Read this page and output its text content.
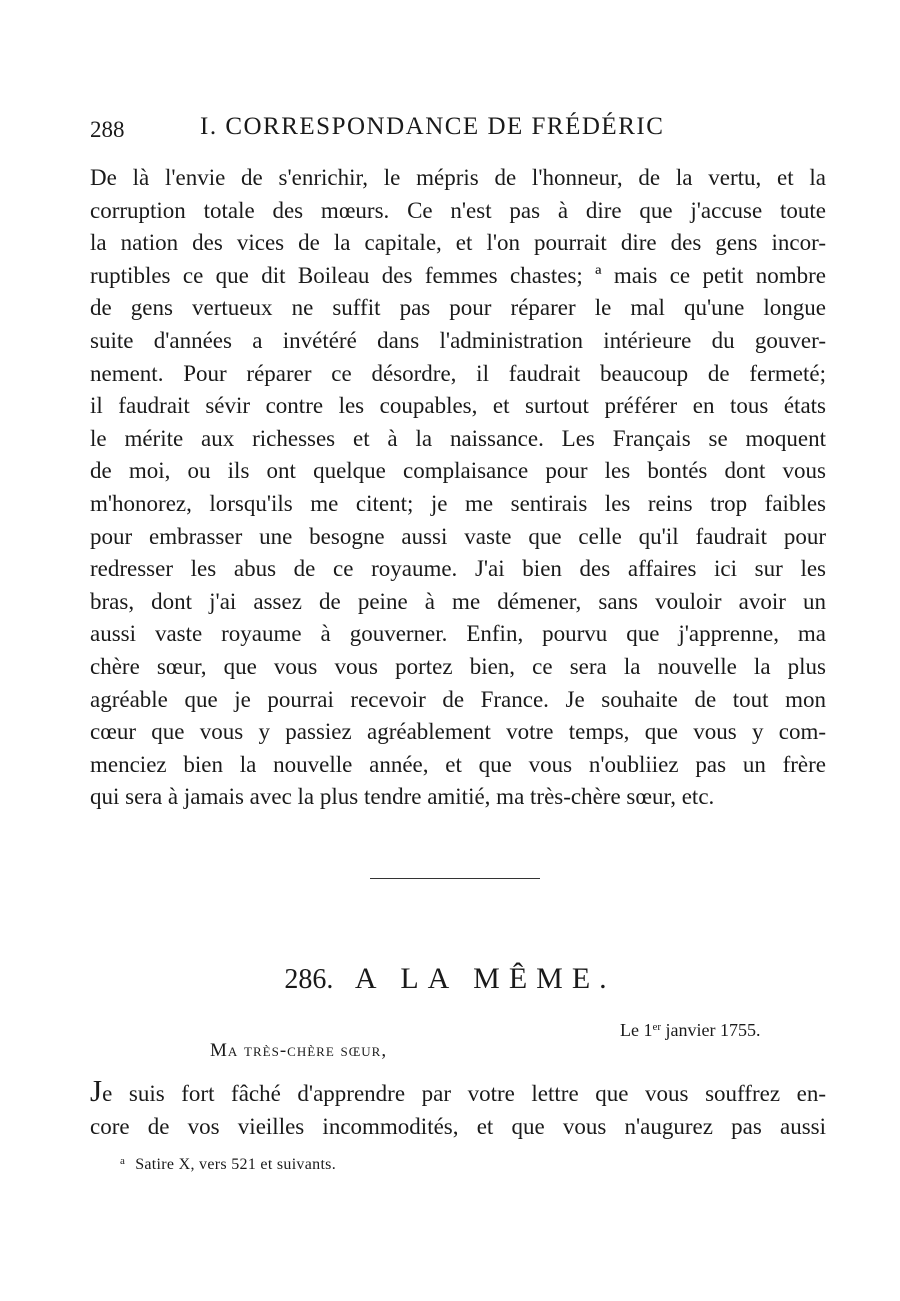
288	I. CORRESPONDANCE DE FRÉDÉRIC
De là l'envie de s'enrichir, le mépris de l'honneur, de la vertu, et la
corruption totale des mœurs. Ce n'est pas à dire que j'accuse toute
la nation des vices de la capitale, et l'on pourrait dire des gens incor-
ruptibles ce que dit Boileau des femmes chastes; ª mais ce petit nombre
de gens vertueux ne suffit pas pour réparer le mal qu'une longue
suite d'années a invétéré dans l'administration intérieure du gouver-
nement. Pour réparer ce désordre, il faudrait beaucoup de fermeté;
il faudrait sévir contre les coupables, et surtout préférer en tous états
le mérite aux richesses et à la naissance. Les Français se moquent
de moi, ou ils ont quelque complaisance pour les bontés dont vous
m'honorez, lorsqu'ils me citent; je me sentirais les reins trop faibles
pour embrasser une besogne aussi vaste que celle qu'il faudrait pour
redresser les abus de ce royaume. J'ai bien des affaires ici sur les
bras, dont j'ai assez de peine à me démener, sans vouloir avoir un
aussi vaste royaume à gouverner. Enfin, pourvu que j'apprenne, ma
chère sœur, que vous vous portez bien, ce sera la nouvelle la plus
agréable que je pourrai recevoir de France. Je souhaite de tout mon
cœur que vous y passiez agréablement votre temps, que vous y com-
menciez bien la nouvelle année, et que vous n'oubliiez pas un frère
qui sera à jamais avec la plus tendre amitié, ma très-chère sœur, etc.
286. A LA MÊME.
Le 1er janvier 1755.
Ma très-chère sœur,
Je suis fort fâché d'apprendre par votre lettre que vous souffrez en-
core de vos vieilles incommodités, et que vous n'augurez pas aussi
$^a$ Satire X, vers 521 et suivants.
